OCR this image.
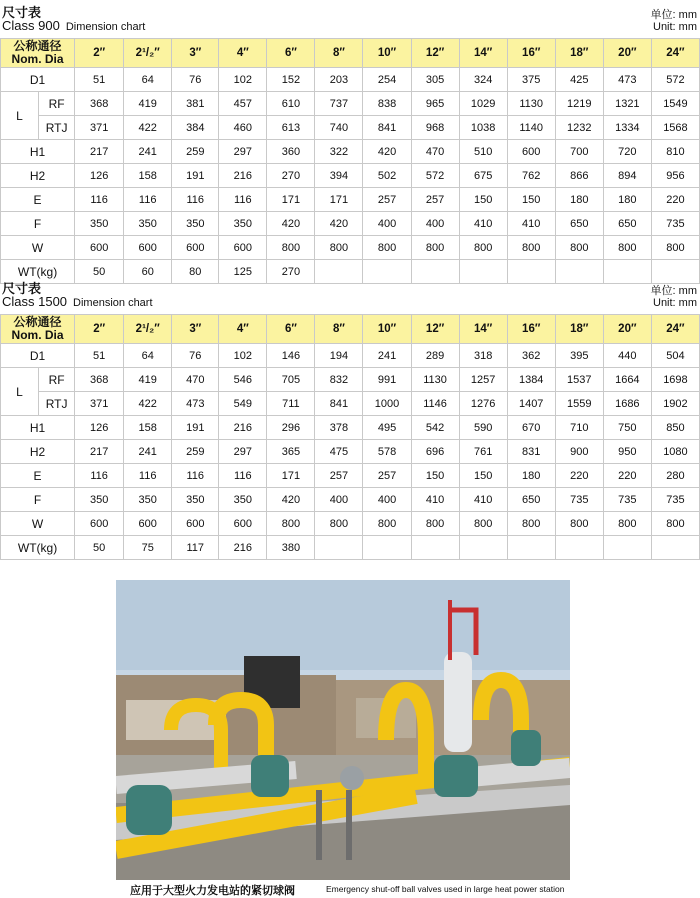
尺寸表
Class 900 Dimension chart
单位: mm
Unit: mm
公称通径
Nom. Dia		2″	2¹/₂″	3″	4″	6″	8″	10″	12″	14″	16″	18″	20″	24″
D1		51	64	76	102	152	203	254	305	324	375	425	473	572
L	RF	368	419	381	457	610	737	838	965	1029	1130	1219	1321	1549
	RTJ	371	422	384	460	613	740	841	968	1038	1140	1232	1334	1568
H1		217	241	259	297	360	322	420	470	510	600	700	720	810
H2		126	158	191	216	270	394	502	572	675	762	866	894	956
E		116	116	116	116	171	171	257	257	150	150	180	180	220
F		350	350	350	350	420	420	400	400	410	410	650	650	735
W		600	600	600	600	800	800	800	800	800	800	800	800	800
WT(kg)		50	60	80	125	270								
尺寸表
Class 1500 Dimension chart
单位: mm
Unit: mm
公称通径
Nom. Dia		2″	2¹/₂″	3″	4″	6″	8″	10″	12″	14″	16″	18″	20″	24″
D1		51	64	76	102	146	194	241	289	318	362	395	440	504
L	RF	368	419	470	546	705	832	991	1130	1257	1384	1537	1664	1698
	RTJ	371	422	473	549	711	841	1000	1146	1276	1407	1559	1686	1902
H1		126	158	191	216	296	378	495	542	590	670	710	750	850
H2		217	241	259	297	365	475	578	696	761	831	900	950	1080
E		116	116	116	116	171	257	257	150	150	180	220	220	280
F		350	350	350	350	420	400	400	410	410	650	735	735	735
W		600	600	600	600	800	800	800	800	800	800	800	800	800
WT(kg)		50	75	117	216	380								
应用于大型火力发电站的紧切球阀	Emergency shut-off ball valves used in large heat power station
